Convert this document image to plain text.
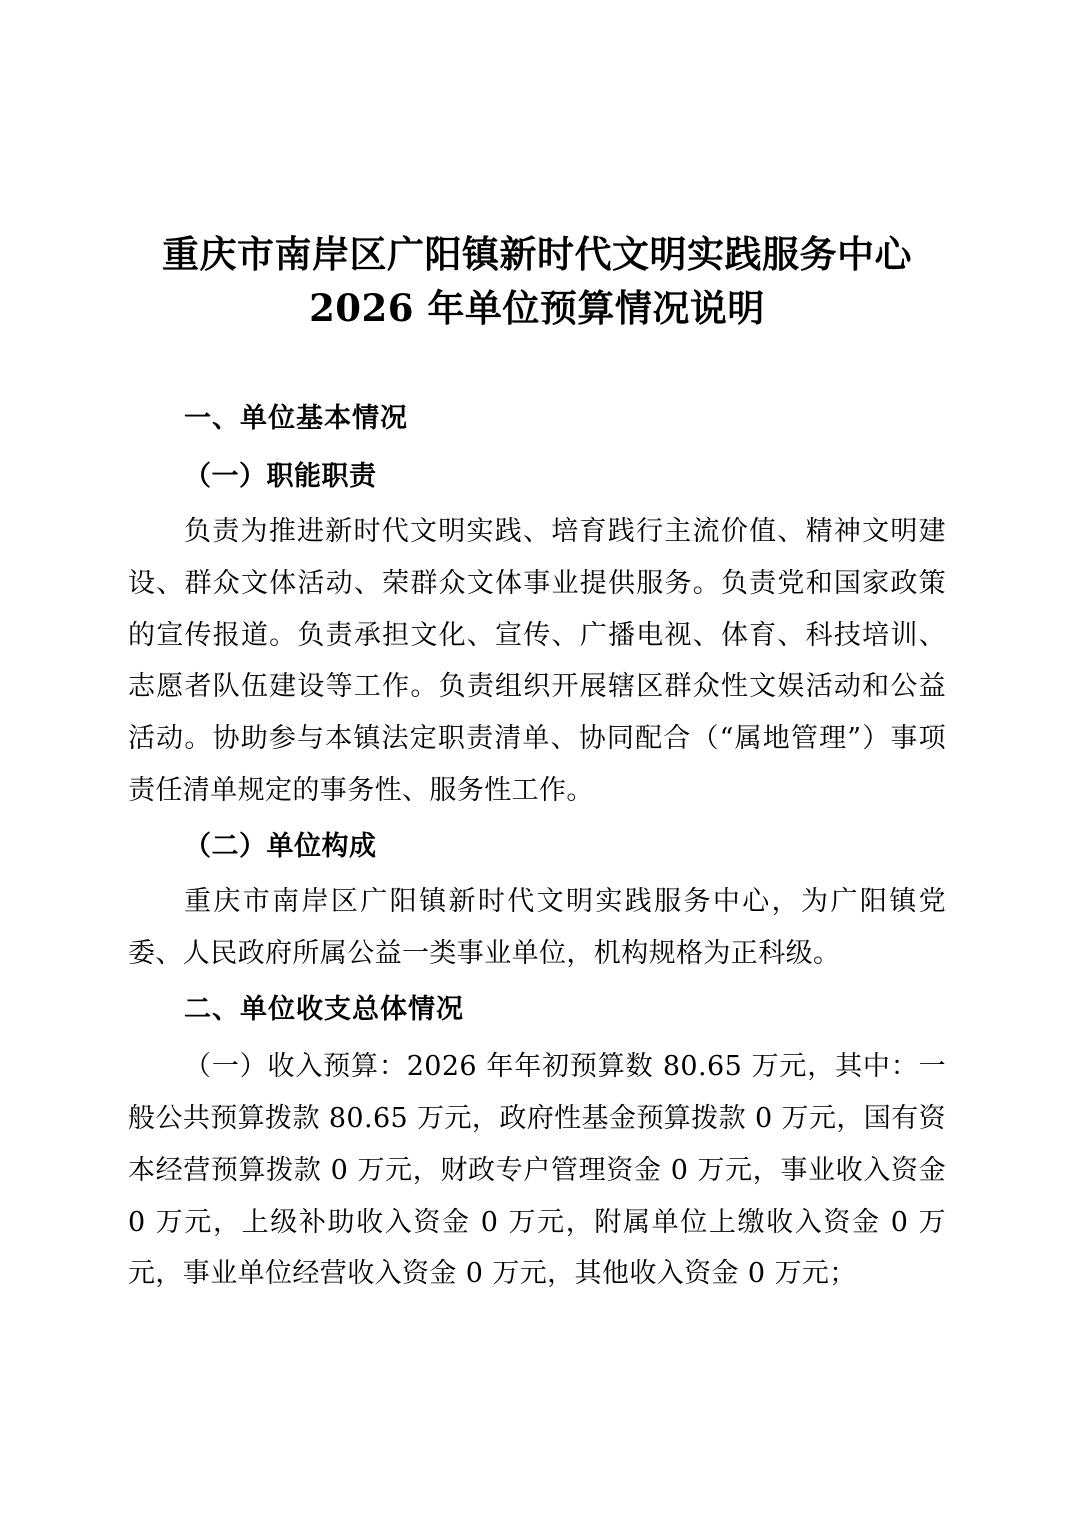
重庆市南岸区广阳镇新时代文明实践服务中心
2026 年单位预算情况说明
一、单位基本情况
（一）职能职责

负责为推进新时代文明实践、培育践行主流价值、精神文明建设、群众文体活动、荣群众文体事业提供服务。负责党和国家政策的宣传报道。负责承担文化、宣传、广播电视、体育、科技培训、志愿者队伍建设等工作。负责组织开展辖区群众性文娱活动和公益活动。协助参与本镇法定职责清单、协同配合（“属地管理”）事项责任清单规定的事务性、服务性工作。

（二）单位构成

重庆市南岸区广阳镇新时代文明实践服务中心，为广阳镇党委、人民政府所属公益一类事业单位，机构规格为正科级。

二、单位收支总体情况

（一）收入预算：2026 年年初预算数 80.65 万元，其中：一般公共预算拨款 80.65 万元，政府性基金预算拨款 0 万元，国有资本经营预算拨款 0 万元，财政专户管理资金 0 万元，事业收入资金 0 万元，上级补助收入资金 0 万元，附属单位上缴收入资金 0 万元，事业单位经营收入资金 0 万元，其他收入资金 0 万元；
